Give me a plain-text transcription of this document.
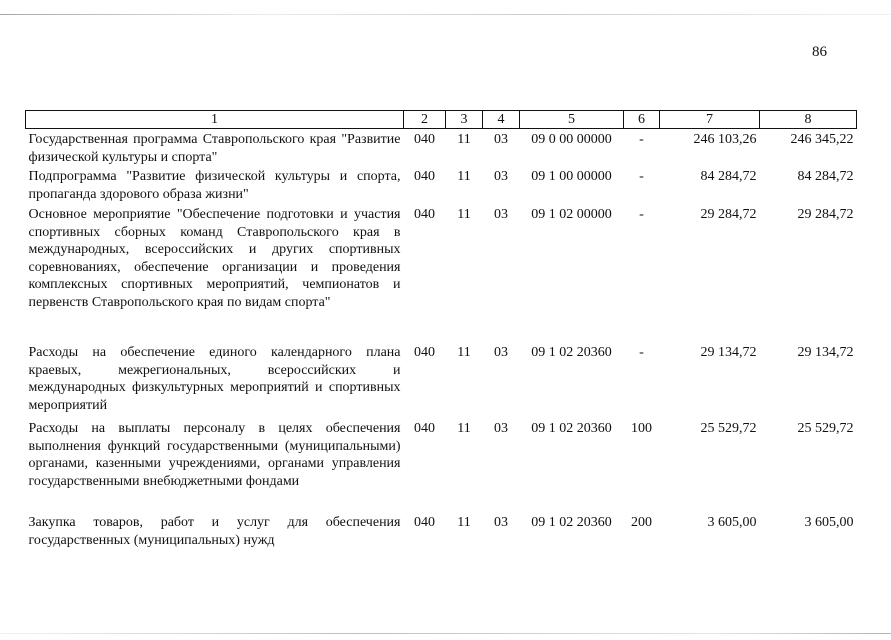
86
1	2	3	4	5	6	7	8
Государственная программа Ставропольского края "Развитие физической культуры и спорта"	040	11	03	09 0 00 00000	-	246 103,26	246 345,22
Подпрограмма "Развитие физической культуры и спорта, пропаганда здорового образа жизни"	040	11	03	09 1 00 00000	-	84 284,72	84 284,72
Основное мероприятие "Обеспечение подготовки и участия спортивных сборных команд Ставропольского края в международных, всероссийских и других спортивных соревнованиях, обеспечение организации и проведения комплексных спортивных мероприятий, чемпионатов и первенств Ставропольского края по видам спорта"	040	11	03	09 1 02 00000	-	29 284,72	29 284,72
Расходы на обеспечение единого календарного плана краевых, межрегиональных, всероссийских и международных физкультурных мероприятий и спортивных мероприятий	040	11	03	09 1 02 20360	-	29 134,72	29 134,72
Расходы на выплаты персоналу в целях обеспечения выполнения функций государственными (муниципальными) органами, казенными учреждениями, органами управления государственными внебюджетными фондами	040	11	03	09 1 02 20360	100	25 529,72	25 529,72
Закупка товаров, работ и услуг для обеспечения государственных (муниципальных) нужд	040	11	03	09 1 02 20360	200	3 605,00	3 605,00
